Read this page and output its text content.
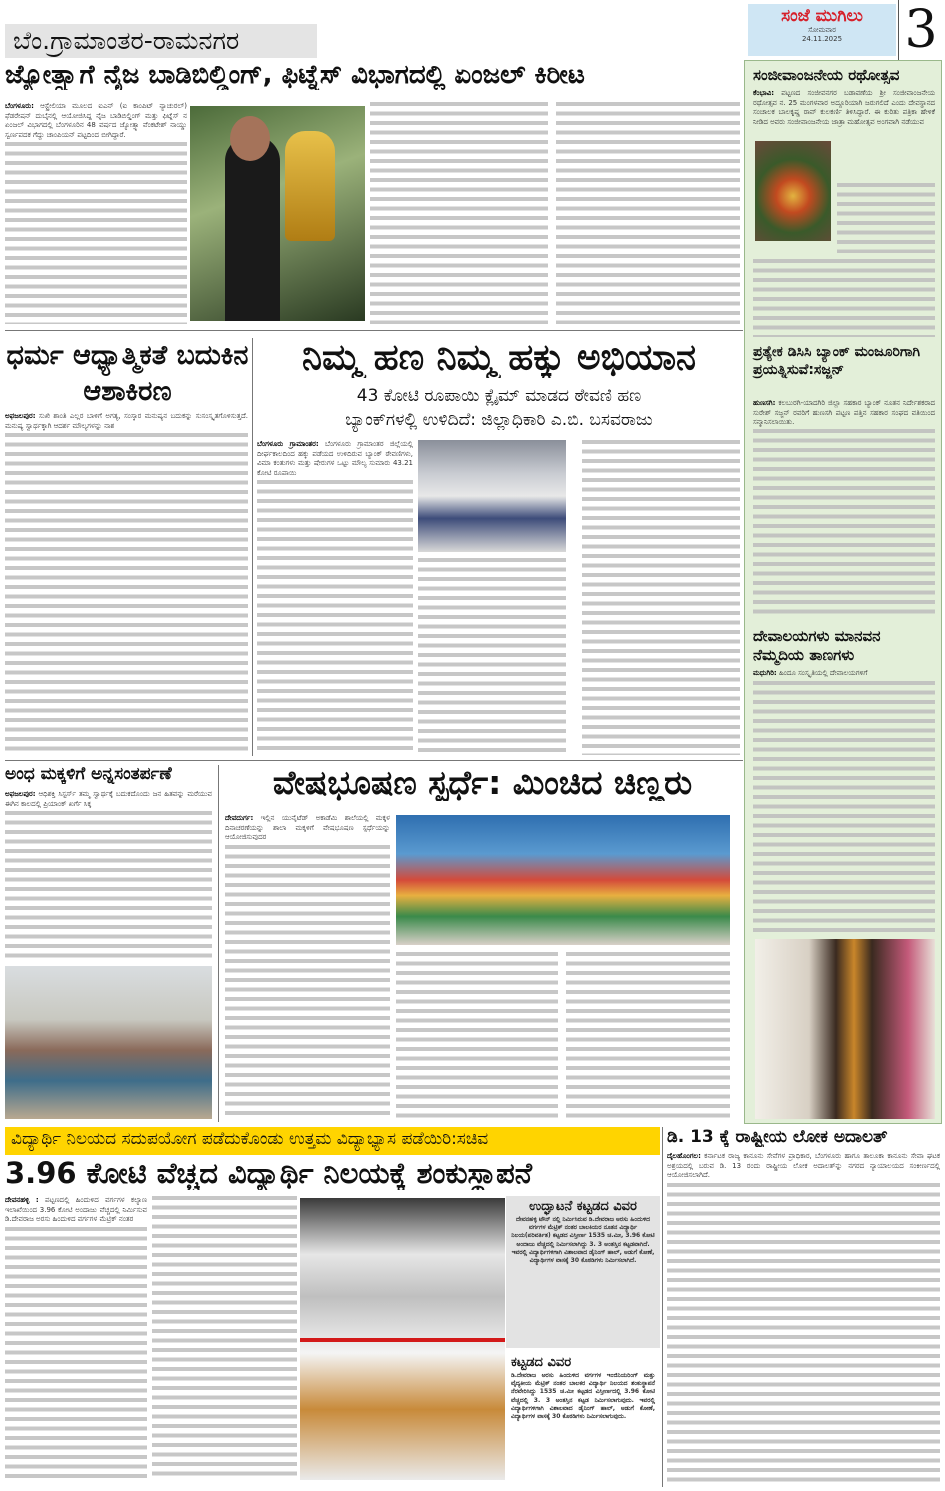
ಬೆಂ.ಗ್ರಾಮಾಂತರ-ರಾಮನಗರ
ಸಂಜೆ ಮುಗಿಲು
ಸೋಮವಾರ
24.11.2025	3
ಜ್ಯೋತ್ಸ್ನಾಗೆ ನೈಜ ಬಾಡಿಬಿಲ್ಡಿಂಗ್, ಫಿಟ್ನೆಸ್ ವಿಭಾಗದಲ್ಲಿ ಏಂಜಲ್ ಕಿರೀಟ

ಬೆಂಗಳೂರು: ಆಸ್ಟ್ರೇಲಿಯಾ ಮೂಲದ ಐಎನ್ (ಐ ಕಾಂಪಿಟ್ ನ್ಯಾಚುರಲ್) ಫೆಡರೇಷನ್ ದುಬೈನಲ್ಲಿ ಆಯೋಜಿಸಿದ್ದ ನೈಜ ಬಾಡಿಬಿಲ್ಡಿಂಗ್ ಮತ್ತು ಫಿಟ್ನೆಸ್ ನ ಏಂಜಲ್ ವಿಭಾಗದಲ್ಲಿ ಬೆಂಗಳೂರಿನ 48 ವರ್ಷದ ಜ್ಯೋತ್ಸ್ನಾ ವೆಂಕಟೇಶ್ ನಾಯ್ಡು ಸ್ವರ್ಣಪದಕ ಗೆದ್ದು ಚಾಂಪಿಯನ್ ಪಟ್ಟದಿಂದ ಬೀಗಿದ್ದಾರೆ.

ಸಂಜೀವಾಂಜನೇಯ ರಥೋತ್ಸವ

ಕೆಂಭಾವಿ: ಪಟ್ಟಣದ ಸಂಜೀವನಗರ ಬಡಾವಣೆಯ ಶ್ರೀ ಸಂಜೀವಾಂಜನೇಯ ರಥೋತ್ಸವ ನ. 25 ಮಂಗಳವಾರ ಅದ್ದೂರಿಯಾಗಿ ಜರುಗಲಿದೆ ಎಂದು ದೇವಸ್ಥಾನದ ಸಂಚಾಲಕ ಬಾಲಕೃಷ್ಣ ರಾವ್ ಕುಲಕರ್ಣಿ ತಿಳಿಸಿದ್ದಾರೆ. ಈ ಕುರಿತು ಪತ್ರಿಕಾ ಹೇಳಿಕೆ ನೀಡಿದ ಅವರು ಸಂಜೀವಾಂಜನೇಯ ಜಾತ್ರಾ ಮಹೋತ್ಸವ ಅಂಗವಾಗಿ ನಡೆಯುವ

ಪ್ರತ್ಯೇಕ ಡಿಸಿಸಿ ಬ್ಯಾಂಕ್ ಮಂಜೂರಿಗಾಗಿ ಪ್ರಯತ್ನಿಸುವೆ:ಸಜ್ಜನ್

ಹುಣಸಗಿ: ಕಲಬುರಗಿ-ಯಾದಗಿರಿ ಜಿಲ್ಲಾ ಸಹಕಾರ ಬ್ಯಾಂಕ್ ನೂತನ ನಿರ್ದೇಶಕರಾದ ಸುರೇಶ್ ಸಜ್ಜನ್ ರವರಿಗೆ ಹುಣಸಗಿ ಪಟ್ಟಣ ಪತ್ತಿನ ಸಹಕಾರ ಸಂಘದ ವತಿಯಿಂದ ಸನ್ಮಾನಿಸಲಾಯಿತು.

ದೇವಾಲಯಗಳು ಮಾನವನ ನೆಮ್ಮದಿಯ ತಾಣಗಳು

ಮಧುಗಿರಿ: ಹಿಂದೂ ಸಂಸ್ಕೃತಿಯಲ್ಲಿ ದೇವಾಲಯಗಳಿಗೆ

ಧರ್ಮ ಆಧ್ಯಾತ್ಮಿಕತೆ ಬದುಕಿನ ಆಶಾಕಿರಣ

ಅಫಜಲಪುರ: ಸುಖಿ ಶಾಂತಿ ಎಲ್ಲರ ಬಾಳಿಗೆ ಅಗತ್ಯ, ಸಂಸ್ಕಾರ ಮನುಷ್ಯನ ಬದುಕನ್ನು ಸುಸಂಸ್ಕೃತಗೊಳಿಸುತ್ತದೆ. ಮನುಷ್ಯ ಸ್ವಾರ್ಥಕ್ಕಾಗಿ ಆದರ್ಶ ಮೌಲ್ಯಗಳನ್ನು ನಾಶ

ನಿಮ್ಮ ಹಣ ನಿಮ್ಮ ಹಕ್ಕು ಅಭಿಯಾನ
43 ಕೋಟಿ ರೂಪಾಯಿ ಕ್ಲೈಮ್ ಮಾಡದ ಠೇವಣಿ ಹಣ
ಬ್ಯಾಂಕ್‌ಗಳಲ್ಲಿ ಉಳಿದಿದೆ: ಜಿಲ್ಲಾಧಿಕಾರಿ ಎ.ಬಿ. ಬಸವರಾಜು

ಬೆಂಗಳೂರು ಗ್ರಾಮಾಂತರ: ಬೆಂಗಳೂರು ಗ್ರಾಮಾಂತರ ಜಿಲ್ಲೆಯಲ್ಲಿ ದೀರ್ಘಕಾಲದಿಂದ ಹಕ್ಕು ಪಡೆಯದ ಉಳಿದಿರುವ ಬ್ಯಾಂಕ್ ಠೇವಣಿಗಳು, ವಿಮಾ ಕಂತುಗಳು ಮತ್ತು ಷೇರುಗಳ ಒಟ್ಟು ಮೌಲ್ಯ ಸುಮಾರು 43.21 ಕೋಟಿ ರೂಪಾಯಿ

ಅಂಧ ಮಕ್ಕಳಿಗೆ ಅನ್ನಸಂತರ್ಪಣೆ

ಅಫಜಲಪುರ: ಆಧಿಶಕ್ತಿ ಸಿಸ್ಟರ್ಸ್ ತಮ್ಮ ಸ್ವಾರ್ಥಕ್ಕೆ ಬದುಕದೊಂದು ಜನ ಹಿತವನ್ನು ಮರೆಯುವ ಈಗಿನ ಕಾಲದಲ್ಲಿ ಪ್ರಿಯಾಂಕ್ ಖರ್ಗೆ ಸಿಕ್ಕ

ವೇಷಭೂಷಣ ಸ್ಪರ್ಧೆ: ಮಿಂಚಿದ ಚಿಣ್ಣರು

ದೇವದುರ್ಗ: ಇಲ್ಲಿನ ಯುನೈಟೆಡ್ ಅಕಾಡೆಮಿ ಶಾಲೆಯಲ್ಲಿ ಮಕ್ಕಳ ದಿನಾಚರಣೆಯನ್ನು ಶಾಲಾ ಮಕ್ಕಳಿಗೆ ವೇಷಭೂಷಣ ಸ್ಪರ್ಧೆಯನ್ನು ಆಯೋಜಿಸುವುದರ

ವಿದ್ಯಾರ್ಥಿ ನಿಲಯದ ಸದುಪಯೋಗ ಪಡೆದುಕೊಂಡು ಉತ್ತಮ ವಿದ್ಯಾಭ್ಯಾಸ ಪಡೆಯಿರಿ:ಸಚಿವ
3.96 ಕೋಟಿ ವೆಚ್ಚದ ವಿದ್ಯಾರ್ಥಿ ನಿಲಯಕ್ಕೆ ಶಂಕುಸ್ಥಾಪನೆ

ದೇವನಹಳ್ಳಿ : ಪಟ್ಟಣದಲ್ಲಿ ಹಿಂದುಳಿದ ವರ್ಗಗಳ ಕಲ್ಯಾಣ ಇಲಾಖೆಯಿಂದ 3.96 ಕೋಟಿ ಅಂದಾಜು ವೆಚ್ಚದಲ್ಲಿ ನಿರ್ಮಿಸುವ ಡಿ.ದೇವರಾಜ ಅರಸು ಹಿಂದುಳಿದ ವರ್ಗಗಳ ಮೆಟ್ರಿಕ್ ನಂತರ

ಉದ್ಘಾಟನೆ ಕಟ್ಟಡದ ವಿವರ

ದೇವನಹಳ್ಳಿ ಟೌನ್ ನಲ್ಲಿ ನಿರ್ಮಿಸಿರುವ ಡಿ.ದೇವರಾಜ ಅರಸು ಹಿಂದುಳಿದ ವರ್ಗಗಳ ಮೆಟ್ರಿಕ್ ನಂತರ ಬಾಲಕಿಯರ ನೂತನ ವಿದ್ಯಾರ್ಥಿ ನಿಲಯ(ಪರಿವರ್ತಿತ) ಕಟ್ಟಡದ ವಿಸ್ತೀರ್ಣ 1535 ಚ.ಮೀ, 3.96 ಕೋಟಿ ಅಂದಾಜು ವೆಚ್ಚದಲ್ಲಿ ನಿರ್ಮಿಸಲಾಗಿದ್ದು 3. 3 ಅಂತಸ್ತಿನ ಕಟ್ಟಡವಾಗಿದೆ. ಇವರಲ್ಲಿ ವಿದ್ಯಾರ್ಥಿಗಳಿಗಾಗಿ ವಿಶಾಲವಾದ ಡೈನಿಂಗ್ ಹಾಲ್, ಅಡುಗೆ ಕೋಣೆ, ವಿದ್ಯಾರ್ಥಿಗಳ ವಾಸಕ್ಕೆ 30 ಕೊಠಡಿಗಳು ನಿರ್ಮಿಸಲಾಗಿದೆ.

ಕಟ್ಟಡದ ವಿವರ

ಡಿ.ದೇವರಾಜ ಅರಸು ಹಿಂದುಳಿದ ವರ್ಗಗಳ ಇಂಜಿನಿಯರಿಂಗ್ ಮತ್ತು ವೈದ್ಯಕೀಯ ಮೆಟ್ರಿಕ್ ನಂತರ ಬಾಲಕರ ವಿದ್ಯಾರ್ಥಿ ನಿಲಯದ ಶಂಕುಸ್ಥಾಪನೆ ನೆರವೇರಿಸಿದ್ದು 1535 ಚ.ಮೀ ಕಟ್ಟಡದ ವಿಸ್ತೀರ್ಣದಲ್ಲಿ 3.96 ಕೋಟಿ ವೆಚ್ಚದಲ್ಲಿ 3. 3 ಅಂತಸ್ತಿನ ಕಟ್ಟಡ ನಿರ್ಮಿಸಲಾಗುವುದು. ಇವರಲ್ಲಿ ವಿದ್ಯಾರ್ಥಿಗಳಿಗಾಗಿ ವಿಶಾಲವಾದ ಡೈನಿಂಗ್ ಹಾಲ್, ಅಡುಗೆ ಕೋಣೆ, ವಿದ್ಯಾರ್ಥಿಗಳ ವಾಸಕ್ಕೆ 30 ಕೊಠಡಿಗಳು ನಿರ್ಮಿಸಲಾಗುವುದು.

ಡಿ. 13 ಕ್ಕೆ ರಾಷ್ಟ್ರೀಯ ಲೋಕ ಅದಾಲತ್

ದೈಲಹೊಂಗಲ: ಕರ್ನಾಟಕ ರಾಜ್ಯ ಕಾನೂನು ಸೇವೆಗಳ ಪ್ರಾಧಿಕಾರ, ಬೆಂಗಳೂರು ಹಾಗೂ ತಾಲೂಕಾ ಕಾನೂನು ಸೇವಾ ಘಟಕ ಅಶ್ರಯದಲ್ಲಿ ಬರುವ ಡಿ. 13 ರಂದು ರಾಷ್ಟ್ರೀಯ ಲೋಕ ಅದಾಲತ್‌ನ್ನು ನಗರದ ನ್ಯಾಯಾಲಯದ ಸಂಕೀರ್ಣದಲ್ಲಿ ಆಯೋಜಿಸಲಾಗಿದೆ.
